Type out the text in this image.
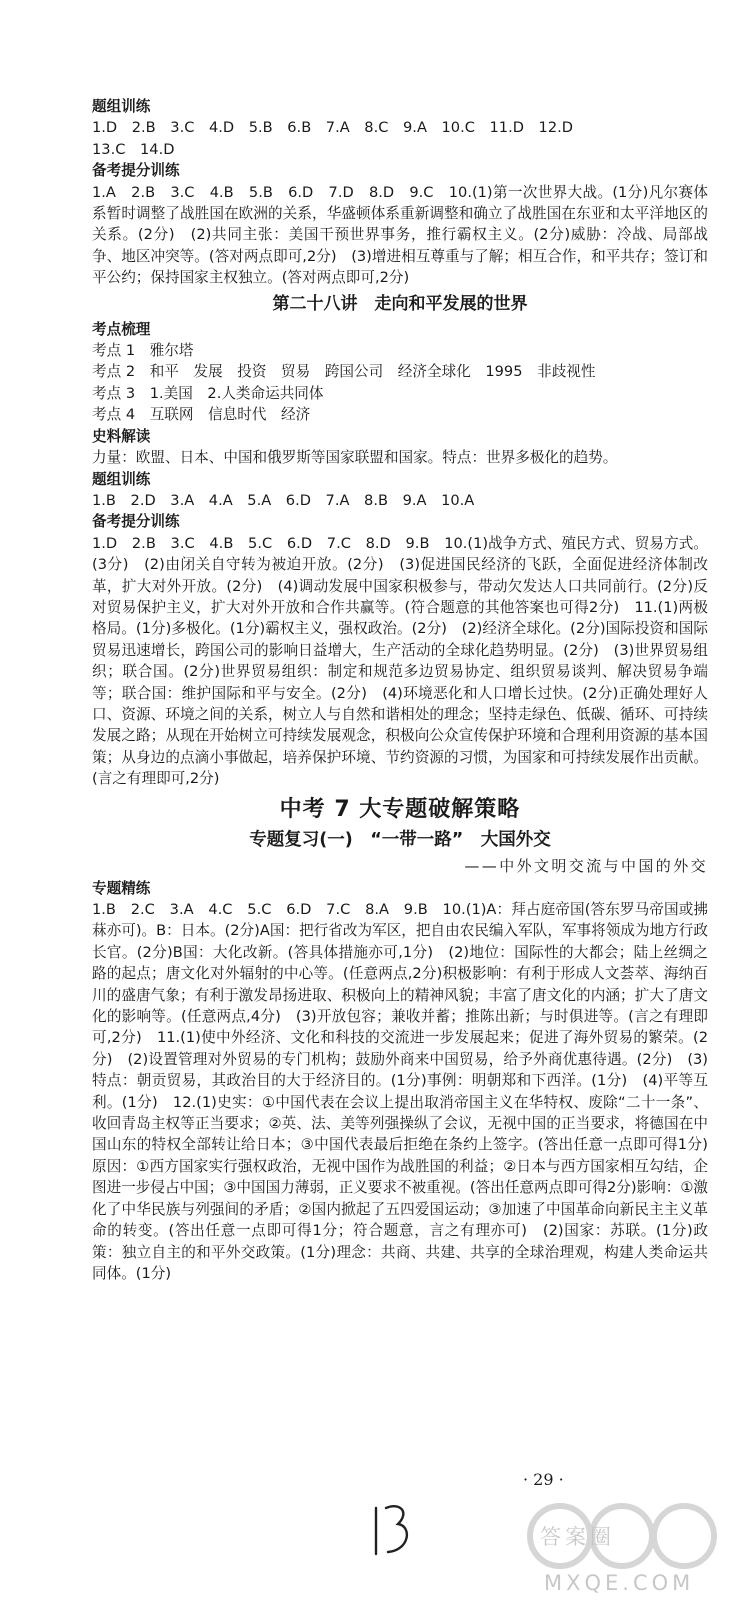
题组训练

1.D　2.B　3.C　4.D　5.B　6.B　7.A　8.C　9.A　10.C　11.D　12.D

13.C　14.D

备考提分训练

1.A　2.B　3.C　4.B　5.B　6.D　7.D　8.D　9.C　10.(1)第一次世界大战。(1分)凡尔赛体系暂时调整了战胜国在欧洲的关系，华盛顿体系重新调整和确立了战胜国在东亚和太平洋地区的关系。(2分)　(2)共同主张：美国干预世界事务，推行霸权主义。(2分)威胁：冷战、局部战争、地区冲突等。(答对两点即可,2分)　(3)增进相互尊重与了解；相互合作，和平共存；签订和平公约；保持国家主权独立。(答对两点即可,2分)

第二十八讲　走向和平发展的世界

考点梳理

考点 1　雅尔塔

考点 2　和平　发展　投资　贸易　跨国公司　经济全球化　1995　非歧视性

考点 3　1.美国　2.人类命运共同体

考点 4　互联网　信息时代　经济

史料解读

力量：欧盟、日本、中国和俄罗斯等国家联盟和国家。特点：世界多极化的趋势。

题组训练

1.B　2.D　3.A　4.A　5.A　6.D　7.A　8.B　9.A　10.A

备考提分训练

1.D　2.B　3.C　4.B　5.C　6.D　7.C　8.D　9.B　10.(1)战争方式、殖民方式、贸易方式。(3分)　(2)由闭关自守转为被迫开放。(2分)　(3)促进国民经济的飞跃，全面促进经济体制改革，扩大对外开放。(2分)　(4)调动发展中国家积极参与，带动欠发达人口共同前行。(2分)反对贸易保护主义，扩大对外开放和合作共赢等。(符合题意的其他答案也可得2分)　11.(1)两极格局。(1分)多极化。(1分)霸权主义，强权政治。(2分)　(2)经济全球化。(2分)国际投资和国际贸易迅速增长，跨国公司的影响日益增大，生产活动的全球化趋势明显。(2分)　(3)世界贸易组织；联合国。(2分)世界贸易组织：制定和规范多边贸易协定、组织贸易谈判、解决贸易争端等；联合国：维护国际和平与安全。(2分)　(4)环境恶化和人口增长过快。(2分)正确处理好人口、资源、环境之间的关系，树立人与自然和谐相处的理念；坚持走绿色、低碳、循环、可持续发展之路；从现在开始树立可持续发展观念，积极向公众宣传保护环境和合理利用资源的基本国策；从身边的点滴小事做起，培养保护环境、节约资源的习惯，为国家和可持续发展作出贡献。(言之有理即可,2分)

中考 7 大专题破解策略

专题复习(一)　“一带一路”　大国外交

——中外文明交流与中国的外交

专题精练

1.B　2.C　3.A　4.C　5.C　6.D　7.C　8.A　9.B　10.(1)A：拜占庭帝国(答东罗马帝国或拂菻亦可)。B：日本。(2分)A国：把行省改为军区，把自由农民编入军队，军事将领成为地方行政长官。(2分)B国：大化改新。(答具体措施亦可,1分)　(2)地位：国际性的大都会；陆上丝绸之路的起点；唐文化对外辐射的中心等。(任意两点,2分)积极影响：有利于形成人文荟萃、海纳百川的盛唐气象；有利于激发昂扬进取、积极向上的精神风貌；丰富了唐文化的内涵；扩大了唐文化的影响等。(任意两点,4分)　(3)开放包容；兼收并蓄；推陈出新；与时俱进等。(言之有理即可,2分)　11.(1)使中外经济、文化和科技的交流进一步发展起来；促进了海外贸易的繁荣。(2分)　(2)设置管理对外贸易的专门机构；鼓励外商来中国贸易，给予外商优惠待遇。(2分)　(3)特点：朝贡贸易，其政治目的大于经济目的。(1分)事例：明朝郑和下西洋。(1分)　(4)平等互利。(1分)　12.(1)史实：①中国代表在会议上提出取消帝国主义在华特权、废除“二十一条”、收回青岛主权等正当要求；②英、法、美等列强操纵了会议，无视中国的正当要求，将德国在中国山东的特权全部转让给日本；③中国代表最后拒绝在条约上签字。(答出任意一点即可得1分)原因：①西方国家实行强权政治，无视中国作为战胜国的利益；②日本与西方国家相互勾结，企图进一步侵占中国；③中国国力薄弱，正义要求不被重视。(答出任意两点即可得2分)影响：①激化了中华民族与列强间的矛盾；②国内掀起了五四爱国运动；③加速了中国革命向新民主主义革命的转变。(答出任意一点即可得1分；符合题意，言之有理亦可)　(2)国家：苏联。(1分)政策：独立自主的和平外交政策。(1分)理念：共商、共建、共享的全球治理观，构建人类命运共同体。(1分)

· 29 ·
答案圈
MXQE.COM
